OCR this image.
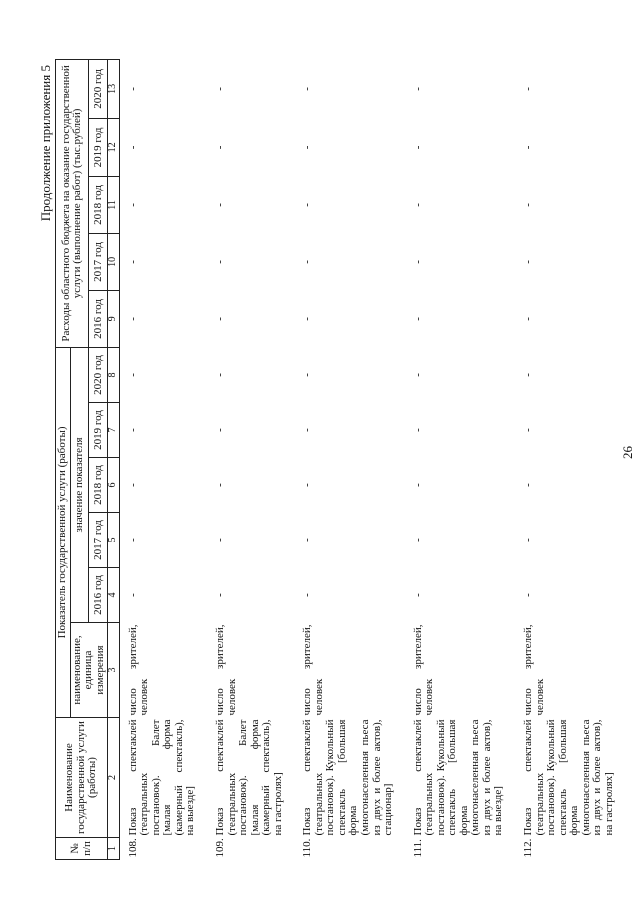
26
Продолжение приложения 5
№ п/п	Наименование государственной услуги (работы)	Показатель государственной услуги (работы)						Расходы областного бюджета на оказание государственной услуги (выполнение работ) (тыс.рублей)				
		наименование, единица измерения	значение показателя									
			2016 год	2017 год	2018 год	2019 год	2020 год	2016 год	2017 год	2018 год	2019 год	2020 год
1	2	3	4	5	6	7	8	9	10	11	12	13
108.	Показ спектаклей (театральных постановок). Балет [малая форма (камерный спектакль), на выезде]	число зрителей, человек	-	-	-	-	-	-	-	-	-	-
109.	Показ спектаклей (театральных постановок). Балет [малая форма (камерный спектакль), на гастролях]	число зрителей, человек	-	-	-	-	-	-	-	-	-	-
110.	Показ спектаклей (театральных постановок). Кукольный спектакль [большая форма (многонаселенная пьеса из двух и более актов), стационар]	число зрителей, человек	-	-	-	-	-	-	-	-	-	-
111.	Показ спектаклей (театральных постановок). Кукольный спектакль [большая форма (многонаселенная пьеса из двух и более актов), на выезде]	число зрителей, человек	-	-	-	-	-	-	-	-	-	-
112.	Показ спектаклей (театральных постановок). Кукольный спектакль [большая форма (многонаселенная пьеса из двух и более актов), на гастролях]	число зрителей, человек	-	-	-	-	-	-	-	-	-	-
